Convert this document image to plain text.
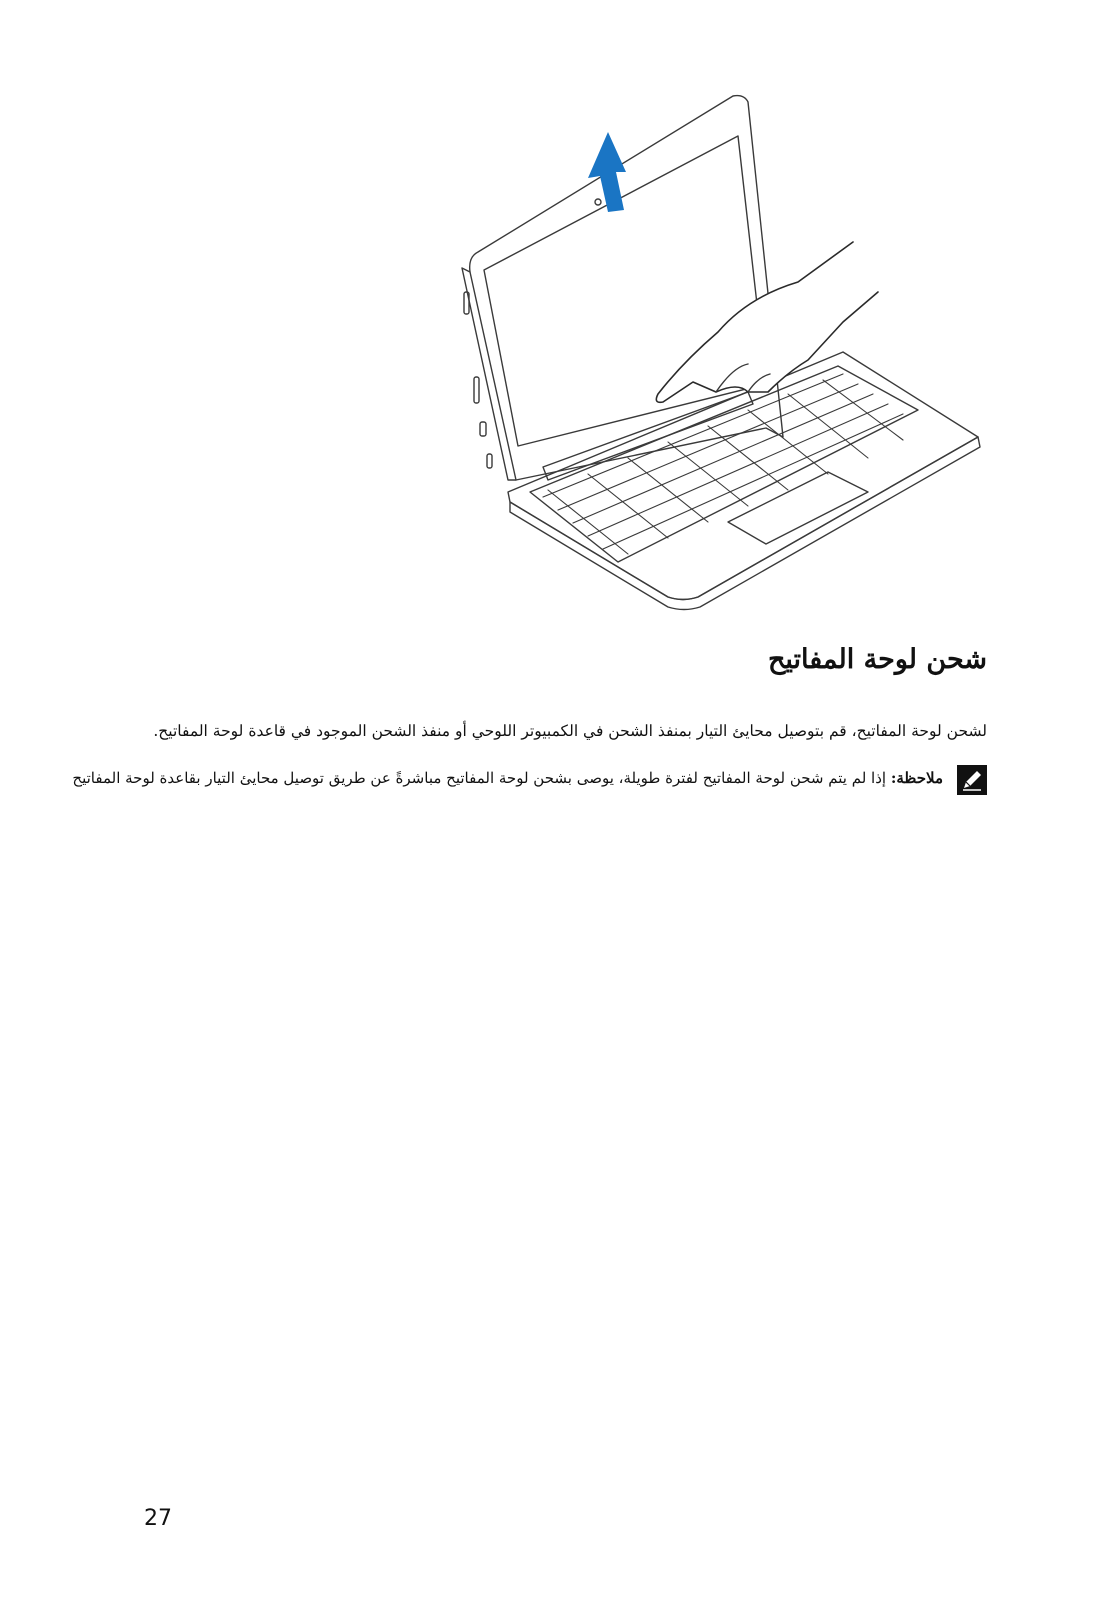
شحن لوحة المفاتيح

لشحن لوحة المفاتيح، قم بتوصيل محايئ التيار بمنفذ الشحن في الكمبيوتر اللوحي أو منفذ الشحن الموجود في قاعدة لوحة المفاتيح.

ملاحظة: إذا لم يتم شحن لوحة المفاتيح لفترة طويلة، يوصى بشحن لوحة المفاتيح مباشرةً عن طريق توصيل محايئ التيار بقاعدة لوحة المفاتيح

27
